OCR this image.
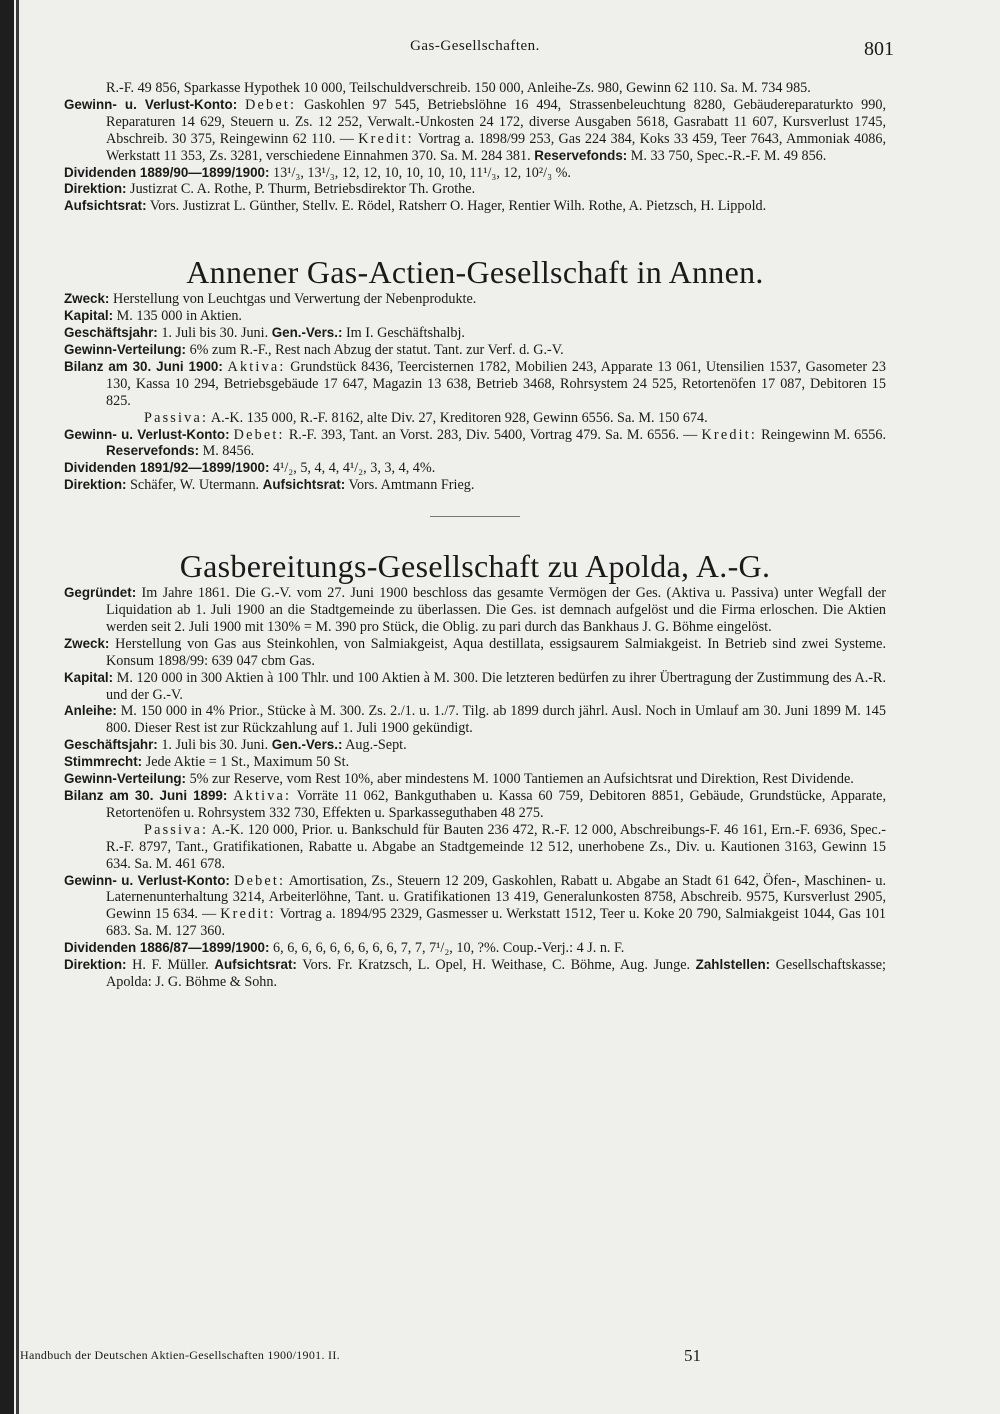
Gas-Gesellschaften.	801

R.-F. 49 856, Sparkasse Hypothek 10 000, Teilschuldverschreib. 150 000, Anleihe-Zs. 980, Gewinn 62 110. Sa. M. 734 985.

Gewinn- u. Verlust-Konto: Debet: Gaskohlen 97 545, Betriebslöhne 16 494, Strassenbeleuchtung 8280, Gebäudereparaturkto 990, Reparaturen 14 629, Steuern u. Zs. 12 252, Verwalt.-Unkosten 24 172, diverse Ausgaben 5618, Gasrabatt 11 607, Kursverlust 1745, Abschreib. 30 375, Reingewinn 62 110. — Kredit: Vortrag a. 1898/99 253, Gas 224 384, Koks 33 459, Teer 7643, Ammoniak 4086, Werkstatt 11 353, Zs. 3281, verschiedene Einnahmen 370. Sa. M. 284 381. Reservefonds: M. 33 750, Spec.-R.-F. M. 49 856.

Dividenden 1889/90—1899/1900: 13¹/₃, 13¹/₃, 12, 12, 10, 10, 10, 10, 11¹/₃, 12, 10²/₃ %.

Direktion: Justizrat C. A. Rothe, P. Thurm, Betriebsdirektor Th. Grothe.

Aufsichtsrat: Vors. Justizrat L. Günther, Stellv. E. Rödel, Ratsherr O. Hager, Rentier Wilh. Rothe, A. Pietzsch, H. Lippold.

Annener Gas-Actien-Gesellschaft in Annen.

Zweck: Herstellung von Leuchtgas und Verwertung der Nebenprodukte.

Kapital: M. 135 000 in Aktien.

Geschäftsjahr: 1. Juli bis 30. Juni. Gen.-Vers.: Im I. Geschäftshalbj.

Gewinn-Verteilung: 6% zum R.-F., Rest nach Abzug der statut. Tant. zur Verf. d. G.-V.

Bilanz am 30. Juni 1900: Aktiva: Grundstück 8436, Teercisternen 1782, Mobilien 243, Apparate 13 061, Utensilien 1537, Gasometer 23 130, Kassa 10 294, Betriebsgebäude 17 647, Magazin 13 638, Betrieb 3468, Rohrsystem 24 525, Retortenöfen 17 087, Debitoren 15 825.

Passiva: A.-K. 135 000, R.-F. 8162, alte Div. 27, Kreditoren 928, Gewinn 6556. Sa. M. 150 674.

Gewinn- u. Verlust-Konto: Debet: R.-F. 393, Tant. an Vorst. 283, Div. 5400, Vortrag 479. Sa. M. 6556. — Kredit: Reingewinn M. 6556. Reservefonds: M. 8456.

Dividenden 1891/92—1899/1900: 4¹/₂, 5, 4, 4, 4¹/₂, 3, 3, 4, 4%.

Direktion: Schäfer, W. Utermann. Aufsichtsrat: Vors. Amtmann Frieg.

Gasbereitungs-Gesellschaft zu Apolda, A.-G.

Gegründet: Im Jahre 1861. Die G.-V. vom 27. Juni 1900 beschloss das gesamte Vermögen der Ges. (Aktiva u. Passiva) unter Wegfall der Liquidation ab 1. Juli 1900 an die Stadtgemeinde zu überlassen. Die Ges. ist demnach aufgelöst und die Firma erloschen. Die Aktien werden seit 2. Juli 1900 mit 130% = M. 390 pro Stück, die Oblig. zu pari durch das Bankhaus J. G. Böhme eingelöst.

Zweck: Herstellung von Gas aus Steinkohlen, von Salmiakgeist, Aqua destillata, essigsaurem Salmiakgeist. In Betrieb sind zwei Systeme. Konsum 1898/99: 639 047 cbm Gas.

Kapital: M. 120 000 in 300 Aktien à 100 Thlr. und 100 Aktien à M. 300. Die letzteren bedürfen zu ihrer Übertragung der Zustimmung des A.-R. und der G.-V.

Anleihe: M. 150 000 in 4% Prior., Stücke à M. 300. Zs. 2./1. u. 1./7. Tilg. ab 1899 durch jährl. Ausl. Noch in Umlauf am 30. Juni 1899 M. 145 800. Dieser Rest ist zur Rückzahlung auf 1. Juli 1900 gekündigt.

Geschäftsjahr: 1. Juli bis 30. Juni. Gen.-Vers.: Aug.-Sept.

Stimmrecht: Jede Aktie = 1 St., Maximum 50 St.

Gewinn-Verteilung: 5% zur Reserve, vom Rest 10%, aber mindestens M. 1000 Tantiemen an Aufsichtsrat und Direktion, Rest Dividende.

Bilanz am 30. Juni 1899: Aktiva: Vorräte 11 062, Bankguthaben u. Kassa 60 759, Debitoren 8851, Gebäude, Grundstücke, Apparate, Retortenöfen u. Rohrsystem 332 730, Effekten u. Sparkasseguthaben 48 275.

Passiva: A.-K. 120 000, Prior. u. Bankschuld für Bauten 236 472, R.-F. 12 000, Abschreibungs-F. 46 161, Ern.-F. 6936, Spec.-R.-F. 8797, Tant., Gratifikationen, Rabatte u. Abgabe an Stadtgemeinde 12 512, unerhobene Zs., Div. u. Kautionen 3163, Gewinn 15 634. Sa. M. 461 678.

Gewinn- u. Verlust-Konto: Debet: Amortisation, Zs., Steuern 12 209, Gaskohlen, Rabatt u. Abgabe an Stadt 61 642, Öfen-, Maschinen- u. Laternenunterhaltung 3214, Arbeiterlöhne, Tant. u. Gratifikationen 13 419, Generalunkosten 8758, Abschreib. 9575, Kursverlust 2905, Gewinn 15 634. — Kredit: Vortrag a. 1894/95 2329, Gasmesser u. Werkstatt 1512, Teer u. Koke 20 790, Salmiakgeist 1044, Gas 101 683. Sa. M. 127 360.

Dividenden 1886/87—1899/1900: 6, 6, 6, 6, 6, 6, 6, 6, 6, 7, 7, 7¹/₂, 10, ?%. Coup.-Verj.: 4 J. n. F.

Direktion: H. F. Müller. Aufsichtsrat: Vors. Fr. Kratzsch, L. Opel, H. Weithase, C. Böhme, Aug. Junge. Zahlstellen: Gesellschaftskasse; Apolda: J. G. Böhme & Sohn.

Handbuch der Deutschen Aktien-Gesellschaften 1900/1901. II.	51
